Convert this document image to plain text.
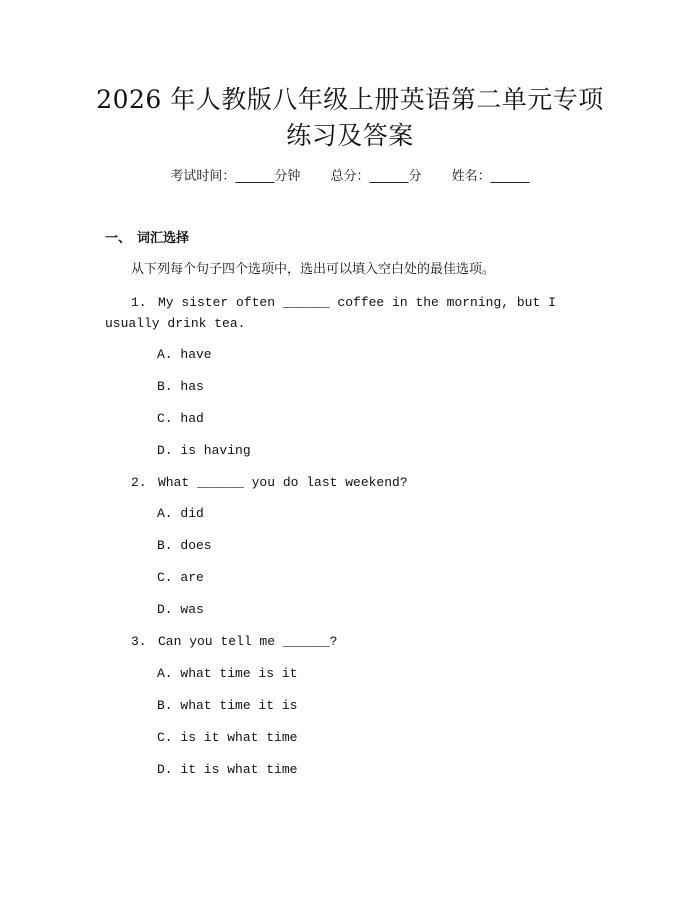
2026 年人教版八年级上册英语第二单元专项
练习及答案
考试时间：______分钟 总分：______分 姓名：______
一、 词汇选择
从下列每个句子四个选项中，选出可以填入空白处的最佳选项。
1. My sister often ______ coffee in the morning, but I usually drink tea.
A. have
B. has
C. had
D. is having
2. What ______ you do last weekend?
A. did
B. does
C. are
D. was
3. Can you tell me ______?
A. what time is it
B. what time it is
C. is it what time
D. it is what time
